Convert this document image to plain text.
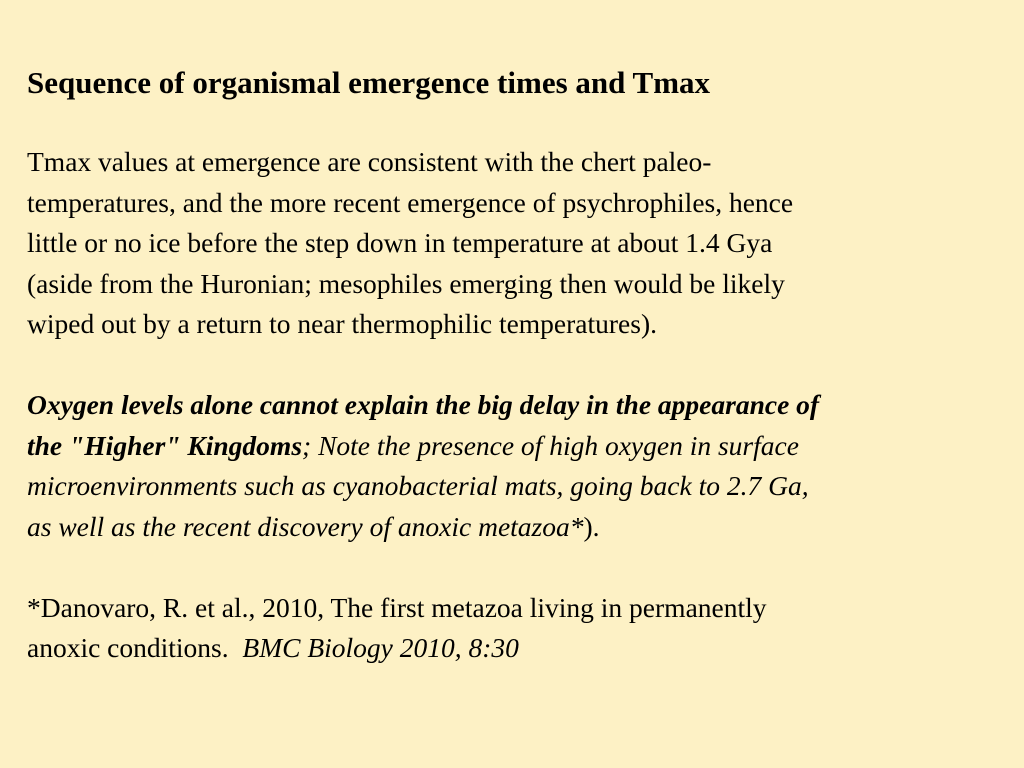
Sequence of organismal emergence times and Tmax
Tmax values at emergence are consistent with the chert paleo-
temperatures, and the more recent emergence of psychrophiles, hence
little or no ice before the step down in temperature at about 1.4 Gya
(aside from the Huronian; mesophiles emerging then would be likely
wiped out by a return to near thermophilic temperatures).
Oxygen levels alone cannot explain the big delay in the appearance of
the "Higher" Kingdoms; Note the presence of high oxygen in surface
microenvironments such as cyanobacterial mats, going back to 2.7 Ga,
as well as the recent discovery of anoxic metazoa*).
*Danovaro, R. et al., 2010, The first metazoa living in permanently
anoxic conditions.  BMC Biology 2010, 8:30
